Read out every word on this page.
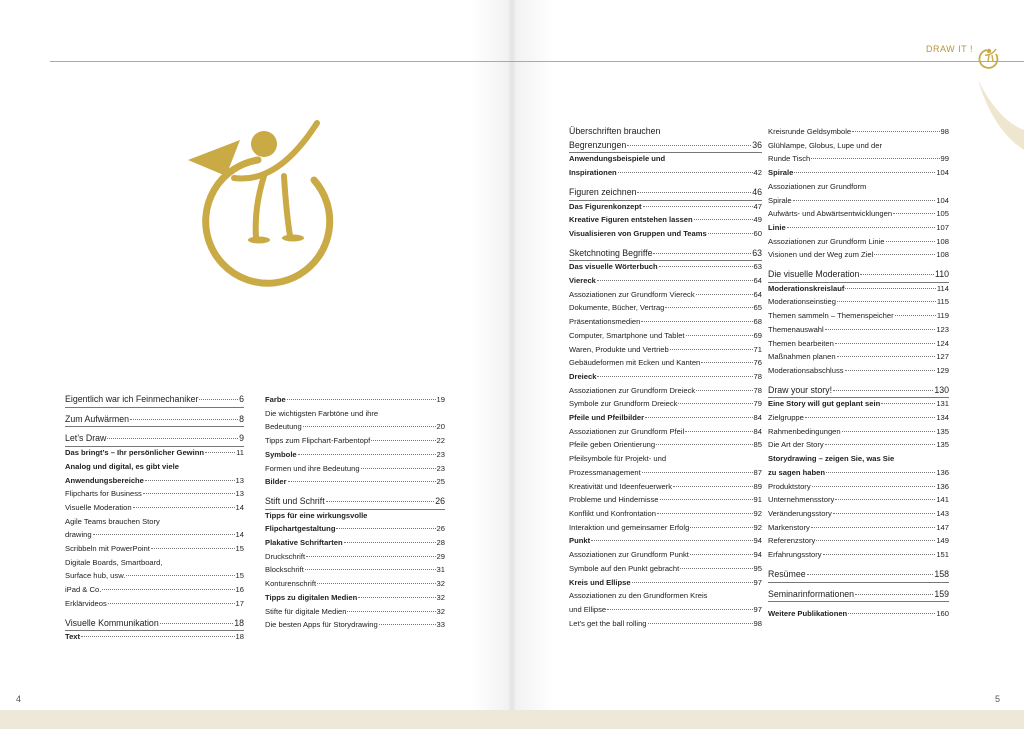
Eigentlich war ich Feinmechaniker	6
Zum Aufwärmen	8
Let’s Draw	9
Das bringt’s – Ihr persönlicher Gewinn	11
Analog und digital, es gibt viele
Anwendungsbereiche	13
Flipcharts for Business	13
Visuelle Moderation	14
Agile Teams brauchen Story
drawing	14
Scribbeln mit PowerPoint	15
Digitale Boards, Smartboard,
Surface hub, usw.	15
iPad & Co.	16
Erklärvideos	17
Visuelle Kommunikation	18
Text	18
Farbe	19
Die wichtigsten Farbtöne und ihre
Bedeutung	20
Tipps zum Flipchart-Farbentopf	22
Symbole	23
Formen und ihre Bedeutung	23
Bilder	25
Stift und Schrift	26
Tipps für eine wirkungsvolle
Flipchartgestaltung	26
Plakative Schriftarten	28
Druckschrift	29
Blockschrift	31
Konturenschrift	32
Tipps zu digitalen Medien	32
Stifte für digitale Medien	32
Die besten Apps für Storydrawing	33
4
Überschriften brauchen
Begrenzungen	36
Anwendungsbeispiele und
Inspirationen	42
Figuren zeichnen	46
Das Figurenkonzept	47
Kreative Figuren entstehen lassen	49
Visualisieren von Gruppen und Teams	60
Sketchnoting Begriffe	63
Das visuelle Wörterbuch	63
Viereck	64
Assoziationen zur Grundform Viereck	64
Dokumente, Bücher, Vertrag	65
Präsentationsmedien	68
Computer, Smartphone und Tablet	69
Waren, Produkte und Vertrieb	71
Gebäudeformen mit Ecken und Kanten	76
Dreieck	78
Assoziationen zur Grundform Dreieck	78
Symbole zur Grundform Dreieck	79
Pfeile und Pfeilbilder	84
Assoziationen zur Grundform Pfeil	84
Pfeile geben Orientierung	85
Pfeilsymbole für Projekt- und
Prozessmanagement	87
Kreativität und Ideenfeuerwerk	89
Probleme und Hindernisse	91
Konflikt und Konfrontation	92
Interaktion und gemeinsamer Erfolg	92
Punkt	94
Assoziationen zur Grundform Punkt	94
Symbole auf den Punkt gebracht	95
Kreis und Ellipse	97
Assoziationen zu den Grundformen Kreis
und Ellipse	97
Let’s get the ball rolling	98
Kreisrunde Geldsymbole	98
Glühlampe, Globus, Lupe und der
Runde Tisch	99
Spirale	104
Assoziationen zur Grundform
Spirale	104
Aufwärts- und Abwärtsentwicklungen	105
Linie	107
Assoziationen zur Grundform Linie	108
Visionen und der Weg zum Ziel	108
Die visuelle Moderation	110
Moderationskreislauf	114
Moderationseinstieg	115
Themen sammeln – Themenspeicher	119
Themenauswahl	123
Themen bearbeiten	124
Maßnahmen planen	127
Moderationsabschluss	129
Draw your story!	130
Eine Story will gut geplant sein	131
Zielgruppe	134
Rahmenbedingungen	135
Die Art der Story	135
Storydrawing – zeigen Sie, was Sie
zu sagen haben	136
Produktstory	136
Unternehmensstory	141
Veränderungsstory	143
Markenstory	147
Referenzstory	149
Erfahrungsstory	151
Resümee	158
Seminarinformationen	159
Weitere Publikationen	160
5
DRAW IT !
